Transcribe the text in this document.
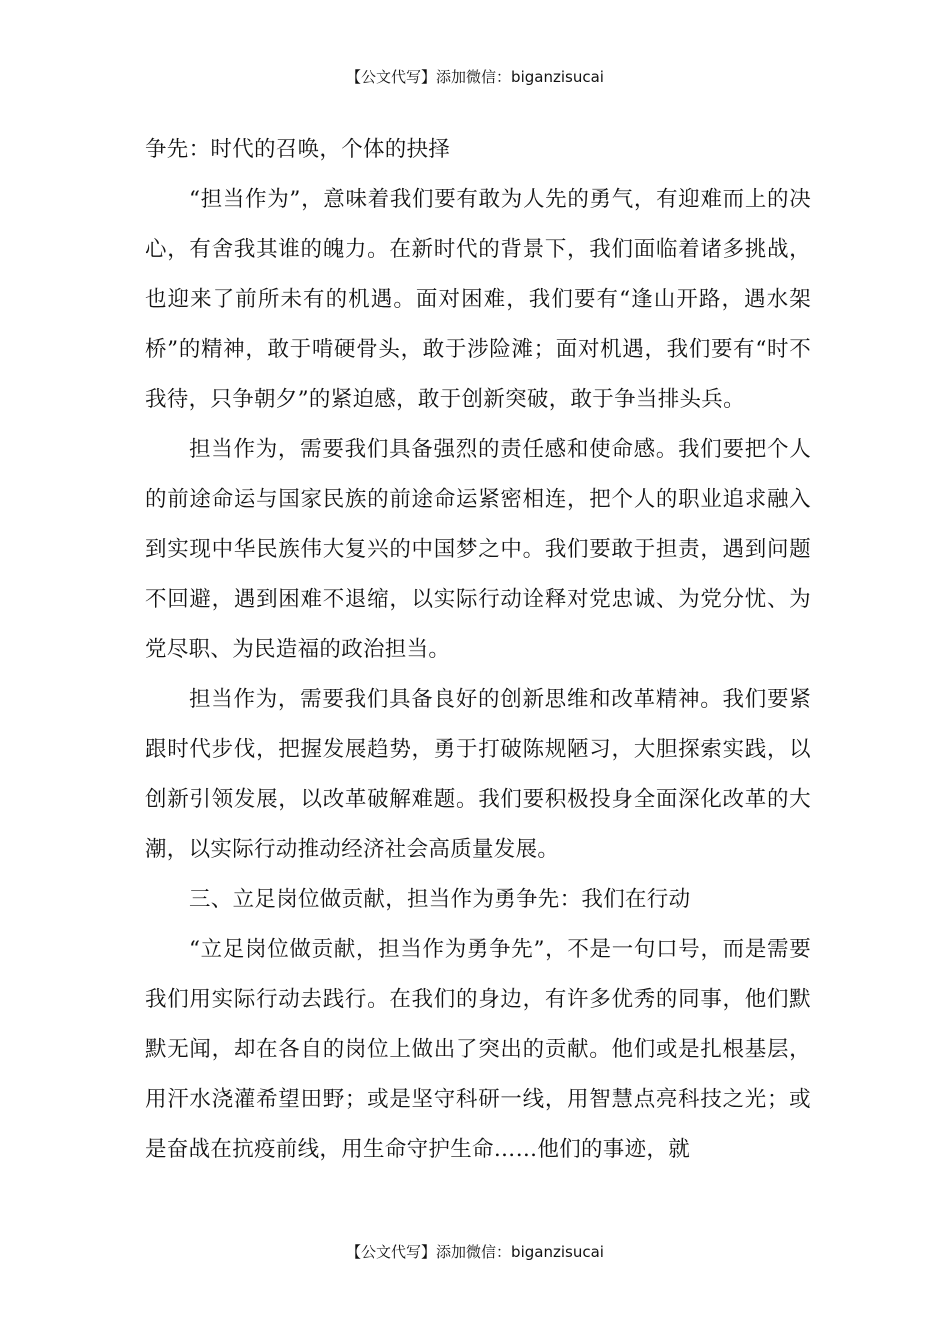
【公文代写】添加微信：biganzisucai

争先：时代的召唤，个体的抉择

“担当作为”，意味着我们要有敢为人先的勇气，有迎难而上的决心，有舍我其谁的魄力。在新时代的背景下，我们面临着诸多挑战，也迎来了前所未有的机遇。面对困难，我们要有“逢山开路，遇水架桥”的精神，敢于啃硬骨头，敢于涉险滩；面对机遇，我们要有“时不我待，只争朝夕”的紧迫感，敢于创新突破，敢于争当排头兵。

担当作为，需要我们具备强烈的责任感和使命感。我们要把个人的前途命运与国家民族的前途命运紧密相连，把个人的职业追求融入到实现中华民族伟大复兴的中国梦之中。我们要敢于担责，遇到问题不回避，遇到困难不退缩，以实际行动诠释对党忠诚、为党分忧、为党尽职、为民造福的政治担当。

担当作为，需要我们具备良好的创新思维和改革精神。我们要紧跟时代步伐，把握发展趋势，勇于打破陈规陋习，大胆探索实践，以创新引领发展，以改革破解难题。我们要积极投身全面深化改革的大潮，以实际行动推动经济社会高质量发展。

三、立足岗位做贡献，担当作为勇争先：我们在行动

“立足岗位做贡献，担当作为勇争先”，不是一句口号，而是需要我们用实际行动去践行。在我们的身边，有许多优秀的同事，他们默默无闻，却在各自的岗位上做出了突出的贡献。他们或是扎根基层，用汗水浇灌希望田野；或是坚守科研一线，用智慧点亮科技之光；或是奋战在抗疫前线，用生命守护生命……他们的事迹，就

【公文代写】添加微信：biganzisucai
